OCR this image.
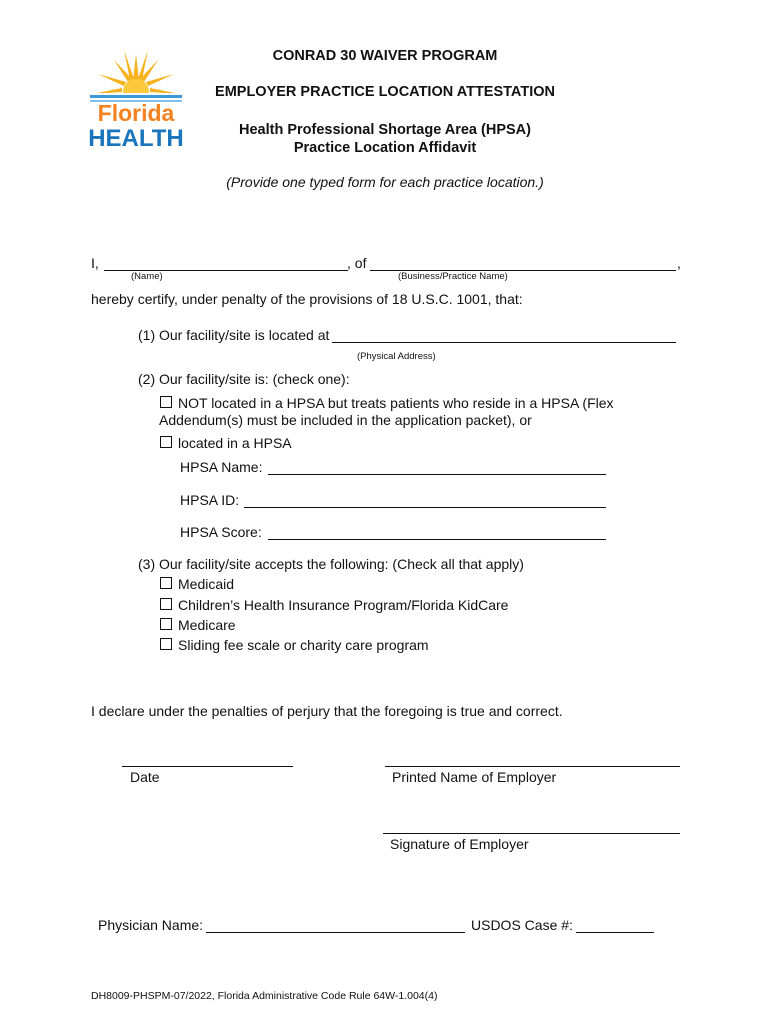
Florida
HEALTH
CONRAD 30 WAIVER PROGRAM
EMPLOYER PRACTICE LOCATION ATTESTATION
Health Professional Shortage Area (HPSA)
Practice Location Affidavit
(Provide one typed form for each practice location.)
I,	, of	,
(Name)	(Business/Practice Name)
hereby certify, under penalty of the provisions of 18 U.S.C. 1001, that:
(1) Our facility/site is located at
(Physical Address)
(2) Our facility/site is: (check one):
NOT located in a HPSA but treats patients who reside in a HPSA (Flex
Addendum(s) must be included in the application packet), or
located in a HPSA
HPSA Name:
HPSA ID:
HPSA Score:
(3) Our facility/site accepts the following: (Check all that apply)
Medicaid
Children’s Health Insurance Program/Florida KidCare
Medicare
Sliding fee scale or charity care program
I declare under the penalties of perjury that the foregoing is true and correct.
Date	Printed Name of Employer
Signature of Employer
Physician Name:	USDOS Case #:
DH8009-PHSPM-07/2022, Florida Administrative Code Rule 64W-1.004(4)
